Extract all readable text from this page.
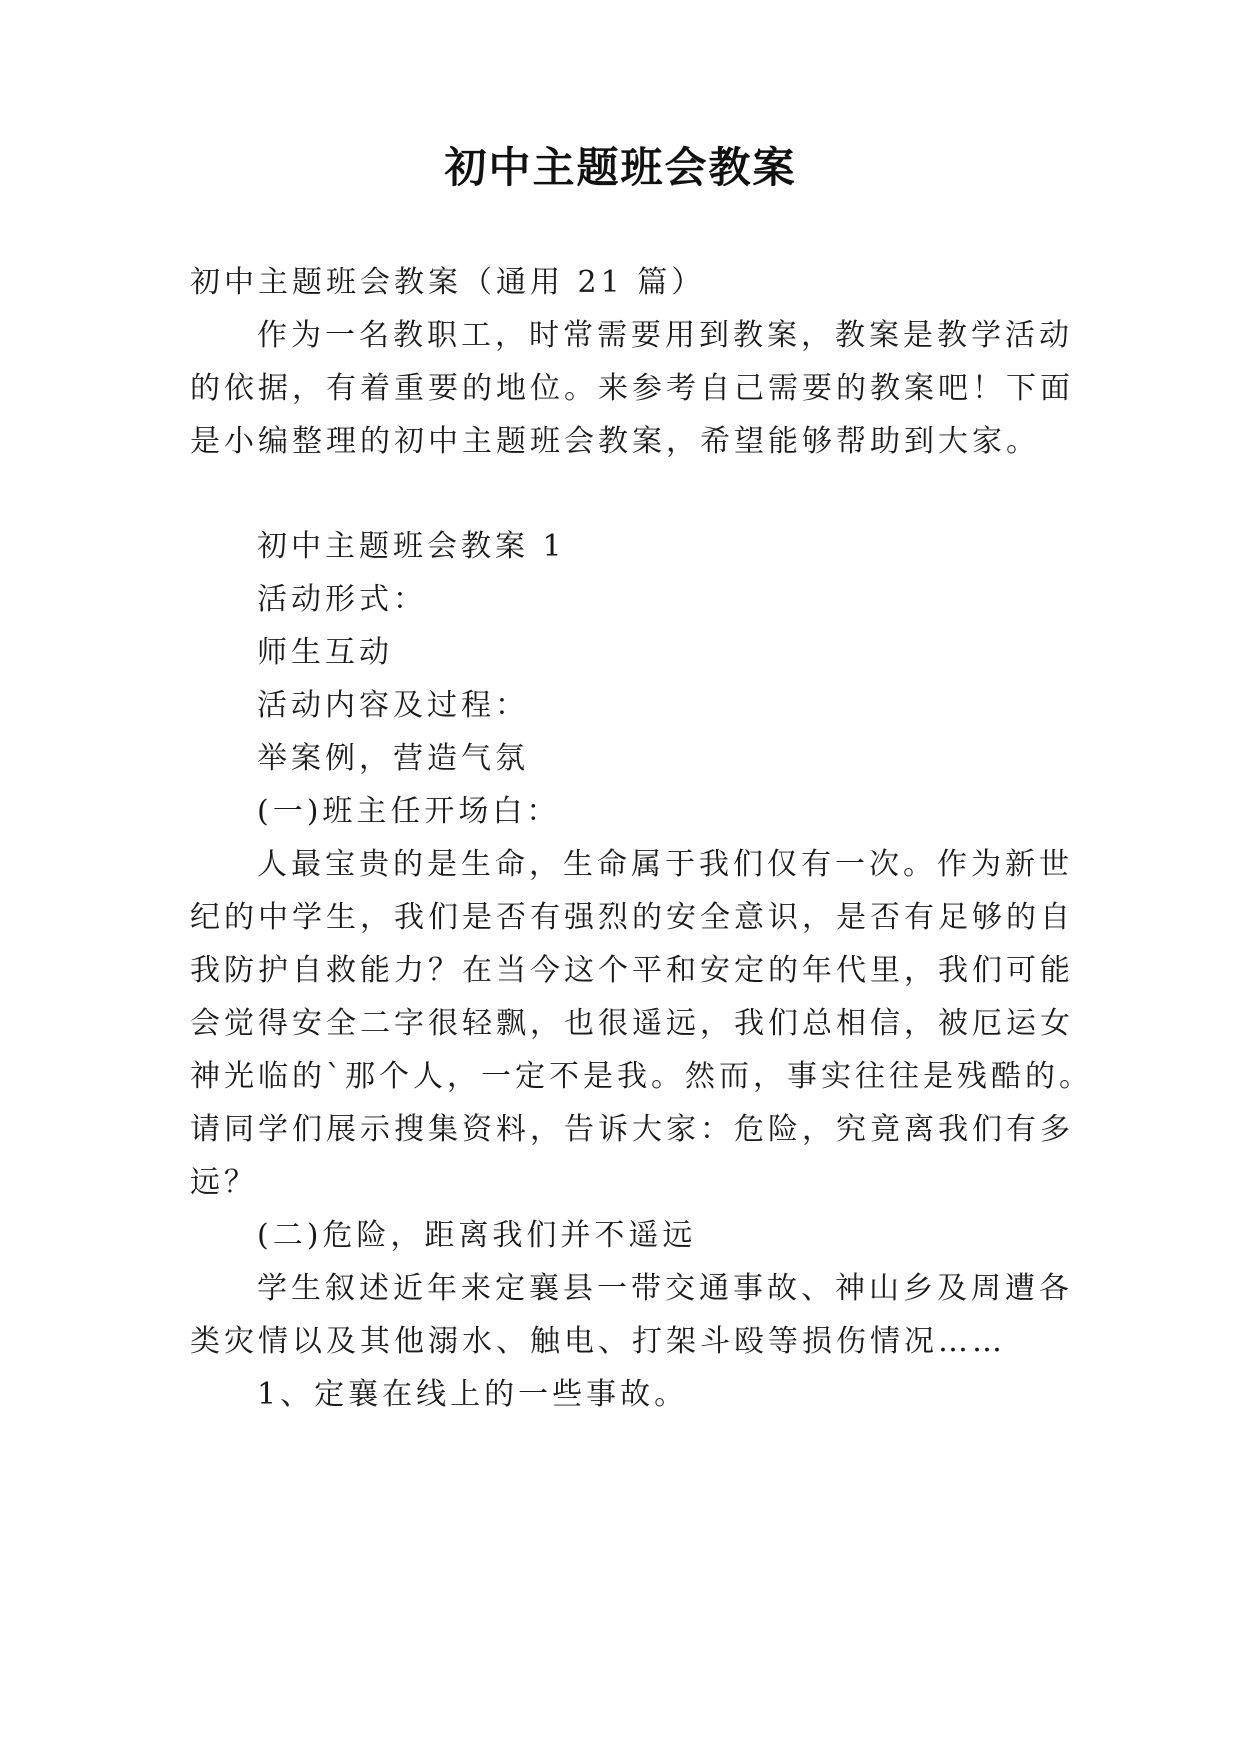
初中主题班会教案
初中主题班会教案（通用 21 篇）
作为一名教职工，时常需要用到教案，教案是教学活动
的依据，有着重要的地位。来参考自己需要的教案吧！下面
是小编整理的初中主题班会教案，希望能够帮助到大家。
初中主题班会教案 1
活动形式：
师生互动
活动内容及过程：
举案例，营造气氛
(一)班主任开场白：
人最宝贵的是生命，生命属于我们仅有一次。作为新世
纪的中学生，我们是否有强烈的安全意识，是否有足够的自
我防护自救能力？在当今这个平和安定的年代里，我们可能
会觉得安全二字很轻飘，也很遥远，我们总相信，被厄运女
神光临的`那个人，一定不是我。然而，事实往往是残酷的。
请同学们展示搜集资料，告诉大家：危险，究竟离我们有多
远？
(二)危险，距离我们并不遥远
学生叙述近年来定襄县一带交通事故、神山乡及周遭各
类灾情以及其他溺水、触电、打架斗殴等损伤情况……
1、定襄在线上的一些事故。
